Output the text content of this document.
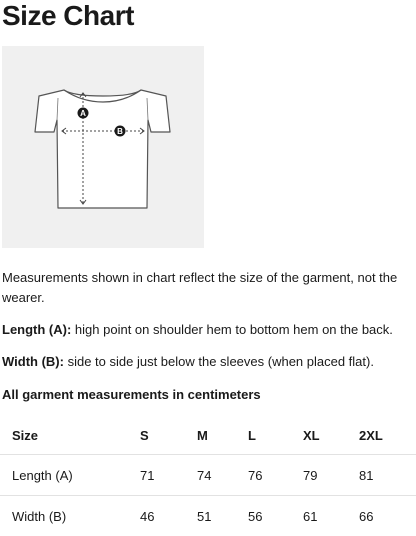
Size Chart
A
B

Measurements shown in chart reflect the size of the garment, not the wearer.

Length (A): high point on shoulder hem to bottom hem on the back.

Width (B): side to side just below the sleeves (when placed flat).

All garment measurements in centimeters

Size	S	M	L	XL	2XL
Length (A)	71	74	76	79	81
Width (B)	46	51	56	61	66
